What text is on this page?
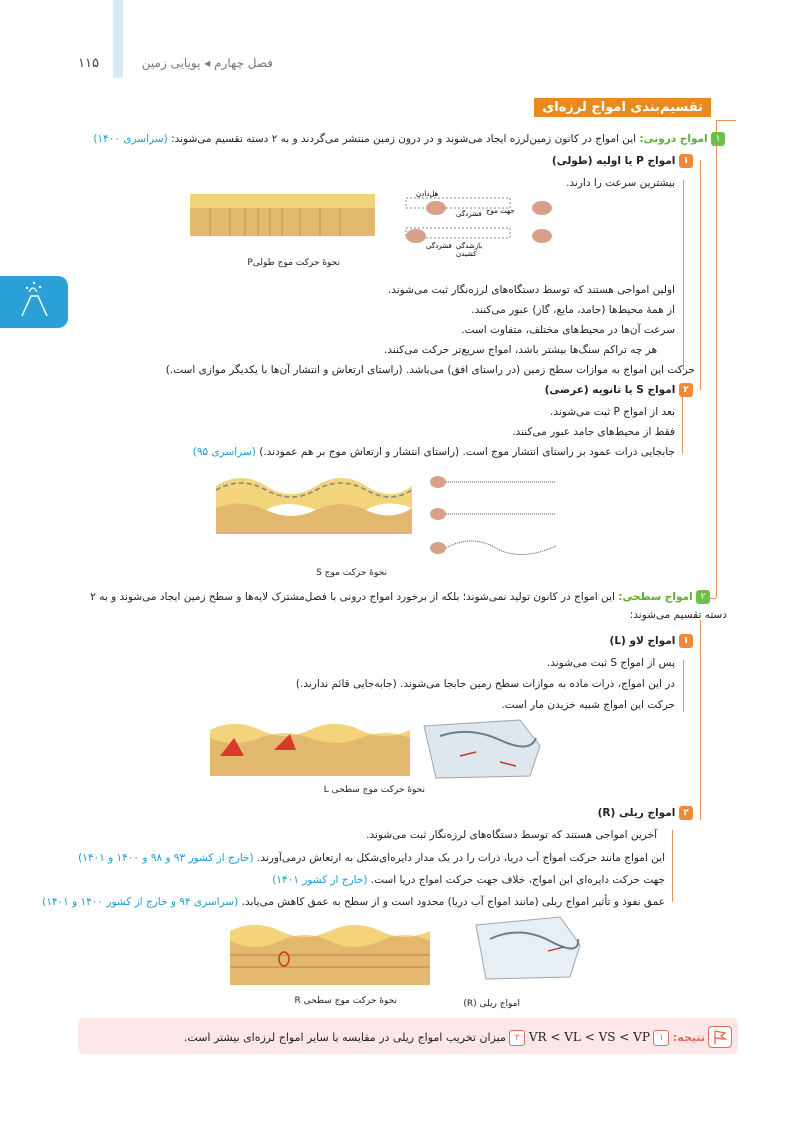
۱۱۵	فصل چهارم ◂ پویایی زمین
تقسیم‌بندی امواج لرزه‌ای
۱ امواج درونی: این امواج در کانون زمین‌لرزه ایجاد می‌شوند و در درون زمین منتشر می‌گردند و به ۲ دسته تقسیم می‌شوند: (سراسری ۱۴۰۰)
۱ امواج P یا اولیه (طولی)
بیشترین سرعت را دارند.
هل‌دادن
فشردگی جهت موج
فشردگی بازشدگی
کشیدن
نحوهٔ حرکت موج طولیP
اولین امواجی هستند که توسط دستگاه‌های لرزه‌نگار ثبت می‌شوند.
از همهٔ محیط‌ها (جامد، مایع، گاز) عبور می‌کنند.
سرعت آن‌ها در محیط‌های مختلف، متفاوت است.
هر چه تراکم سنگ‌ها بیشتر باشد، امواج سریع‌تر حرکت می‌کنند.
حرکت این امواج به موازات سطح زمین (در راستای افق) می‌باشد. (راستای ارتعاش و انتشار آن‌ها با یکدیگر موازی است.)
۲ امواج S یا ثانویه (عرضی)
بعد از امواج P ثبت می‌شوند.
فقط از محیط‌های جامد عبور می‌کنند.
جابجایی ذرات عمود بر راستای انتشار موج است. (راستای انتشار و ارتعاش موج بر هم عمودند.) (سراسری ۹۵)
نحوهٔ حرکت موج S
۲ امواج سطحی: این امواج در کانون تولید نمی‌شوند؛ بلکه از برخورد امواج درونی با فصل‌مشترک لایه‌ها و سطح زمین ایجاد می‌شوند و به ۲
دسته تقسیم می‌شوند:
۱ امواج لاو (L)
پس از امواج S ثبت می‌شوند.
در این امواج، ذرات ماده به موازات سطح زمین جابجا می‌شوند. (جابه‌جایی قائم ندارند.)
حرکت این امواج شبیه خزیدن مار است.
نحوهٔ حرکت موج سطحی L
۲ امواج ریلی (R)
آخرین امواجی هستند که توسط دستگاه‌های لرزه‌نگار ثبت می‌شوند.
این امواج مانند حرکت امواج آب دریا، ذرات را در یک مدار دایره‌ای‌شکل به ارتعاش درمی‌آورند. (خارج از کشور ۹۳ و ۹۸ و ۱۴۰۰ و ۱۴۰۱)
جهت حرکت دایره‌ای این امواج، خلاف جهت حرکت امواج دریا است. (خارج از کشور ۱۴۰۱)
عمق نفوذ و تأثیر امواج ریلی (مانند امواج آب دریا) محدود است و از سطح به عمق کاهش می‌یابد. (سراسری ۹۴ و خارج از کشور ۱۴۰۰ و ۱۴۰۱)
نحوهٔ حرکت موج سطحی R	امواج ریلی (R)
نتیجه: ۱ VR < VL < VS < VP ۲ میزان تخریب امواج ریلی در مقایسه با سایر امواج لرزه‌ای بیشتر است.
